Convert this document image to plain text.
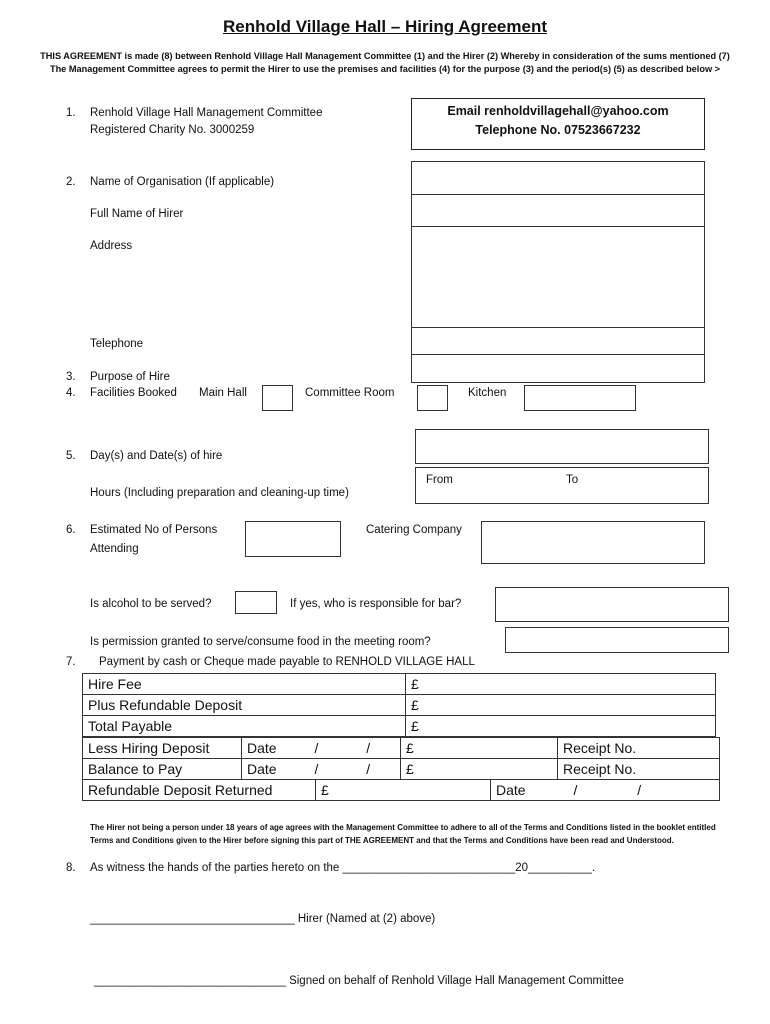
Renhold Village Hall – Hiring Agreement
THIS AGREEMENT is made (8) between Renhold Village Hall Management Committee (1) and the Hirer (2) Whereby in consideration of the sums mentioned (7) The Management Committee agrees to permit the Hirer to use the premises and facilities (4) for the purpose (3) and the period(s) (5) as described below >
1. Renhold Village Hall Management Committee
Registered Charity No. 3000259
Email renholdvillagehall@yahoo.com
Telephone No. 07523667232
2. Name of Organisation (If applicable)
Full Name of Hirer
Address
Telephone
3. Purpose of Hire
4. Facilities Booked Main Hall	Committee Room	Kitchen
5. Day(s) and Date(s) of hire
Hours (Including preparation and cleaning-up time)
From	To
6. Estimated No of Persons
Attending
Catering Company
Is alcohol to be served?	If yes, who is responsible for bar?
Is permission granted to serve/consume food in the meeting room?
7. Payment by cash or Cheque made payable to RENHOLD VILLAGE HALL
Hire Fee	£
Plus Refundable Deposit	£
Total Payable	£
Less Hiring Deposit	Date / /	£	Receipt No.
Balance to Pay	Date / /	£	Receipt No.
Refundable Deposit Returned	£	Date	/	/
The Hirer not being a person under 18 years of age agrees with the Management Committee to adhere to all of the Terms and Conditions listed in the booklet entitled Terms and Conditions given to the Hirer before signing this part of THE AGREEMENT and that the Terms and Conditions have been read and Understood.
8. As witness the hands of the parties hereto on the ___________________________20__________.
________________________________ Hirer (Named at (2) above)
______________________________ Signed on behalf of Renhold Village Hall Management Committee
